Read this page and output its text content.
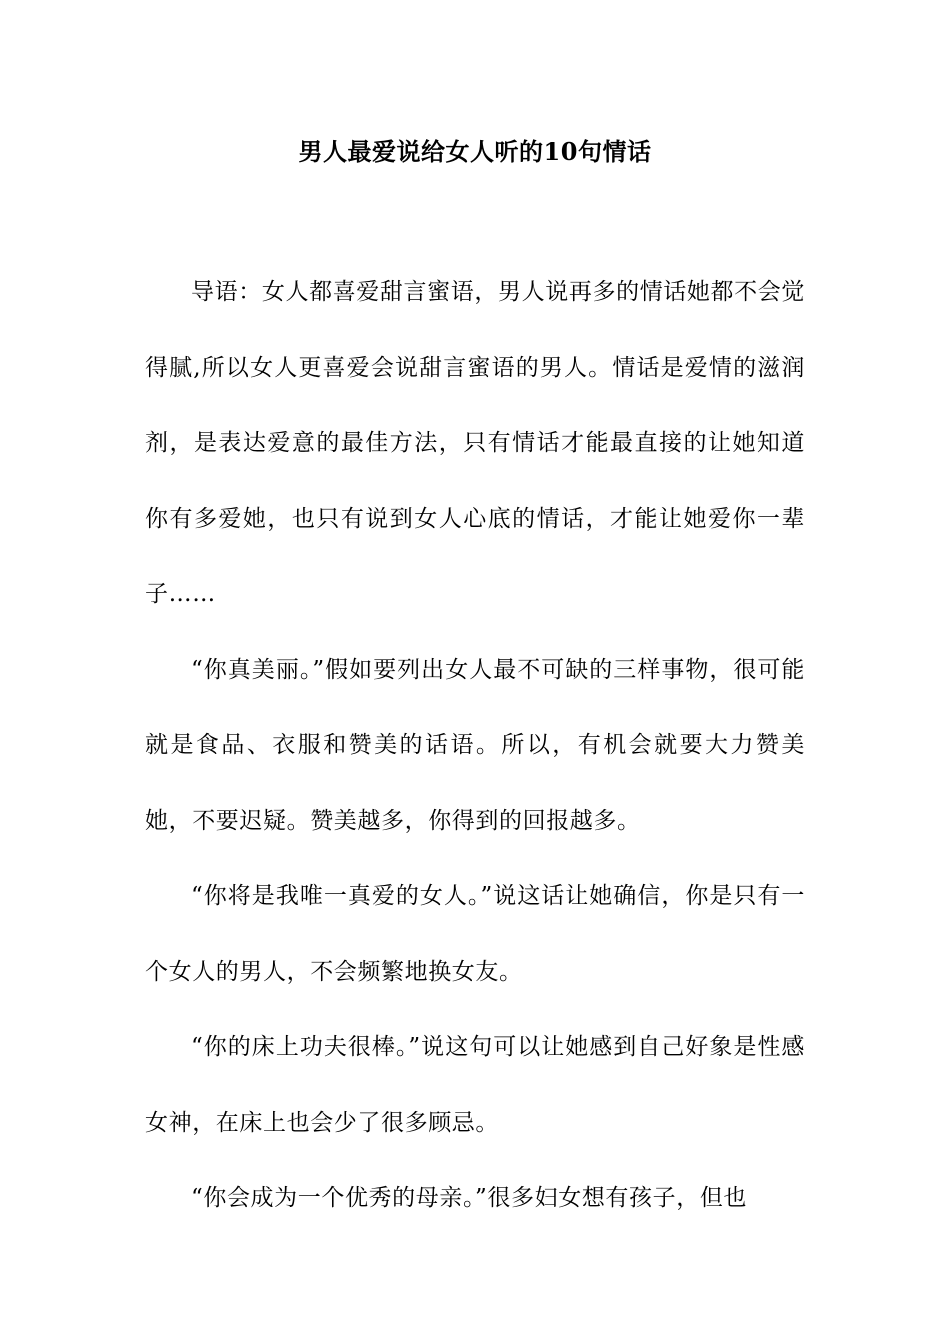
男人最爱说给女人听的10句情话

导语：女人都喜爱甜言蜜语，男人说再多的情话她都不会觉得腻,所以女人更喜爱会说甜言蜜语的男人。情话是爱情的滋润剂，是表达爱意的最佳方法，只有情话才能最直接的让她知道你有多爱她，也只有说到女人心底的情话，才能让她爱你一辈子……

“你真美丽。”假如要列出女人最不可缺的三样事物，很可能就是食品、衣服和赞美的话语。所以，有机会就要大力赞美她，不要迟疑。赞美越多，你得到的回报越多。

“你将是我唯一真爱的女人。”说这话让她确信，你是只有一个女人的男人，不会频繁地换女友。

“你的床上功夫很棒。”说这句可以让她感到自己好象是性感女神，在床上也会少了很多顾忌。

“你会成为一个优秀的母亲。”很多妇女想有孩子，但也
